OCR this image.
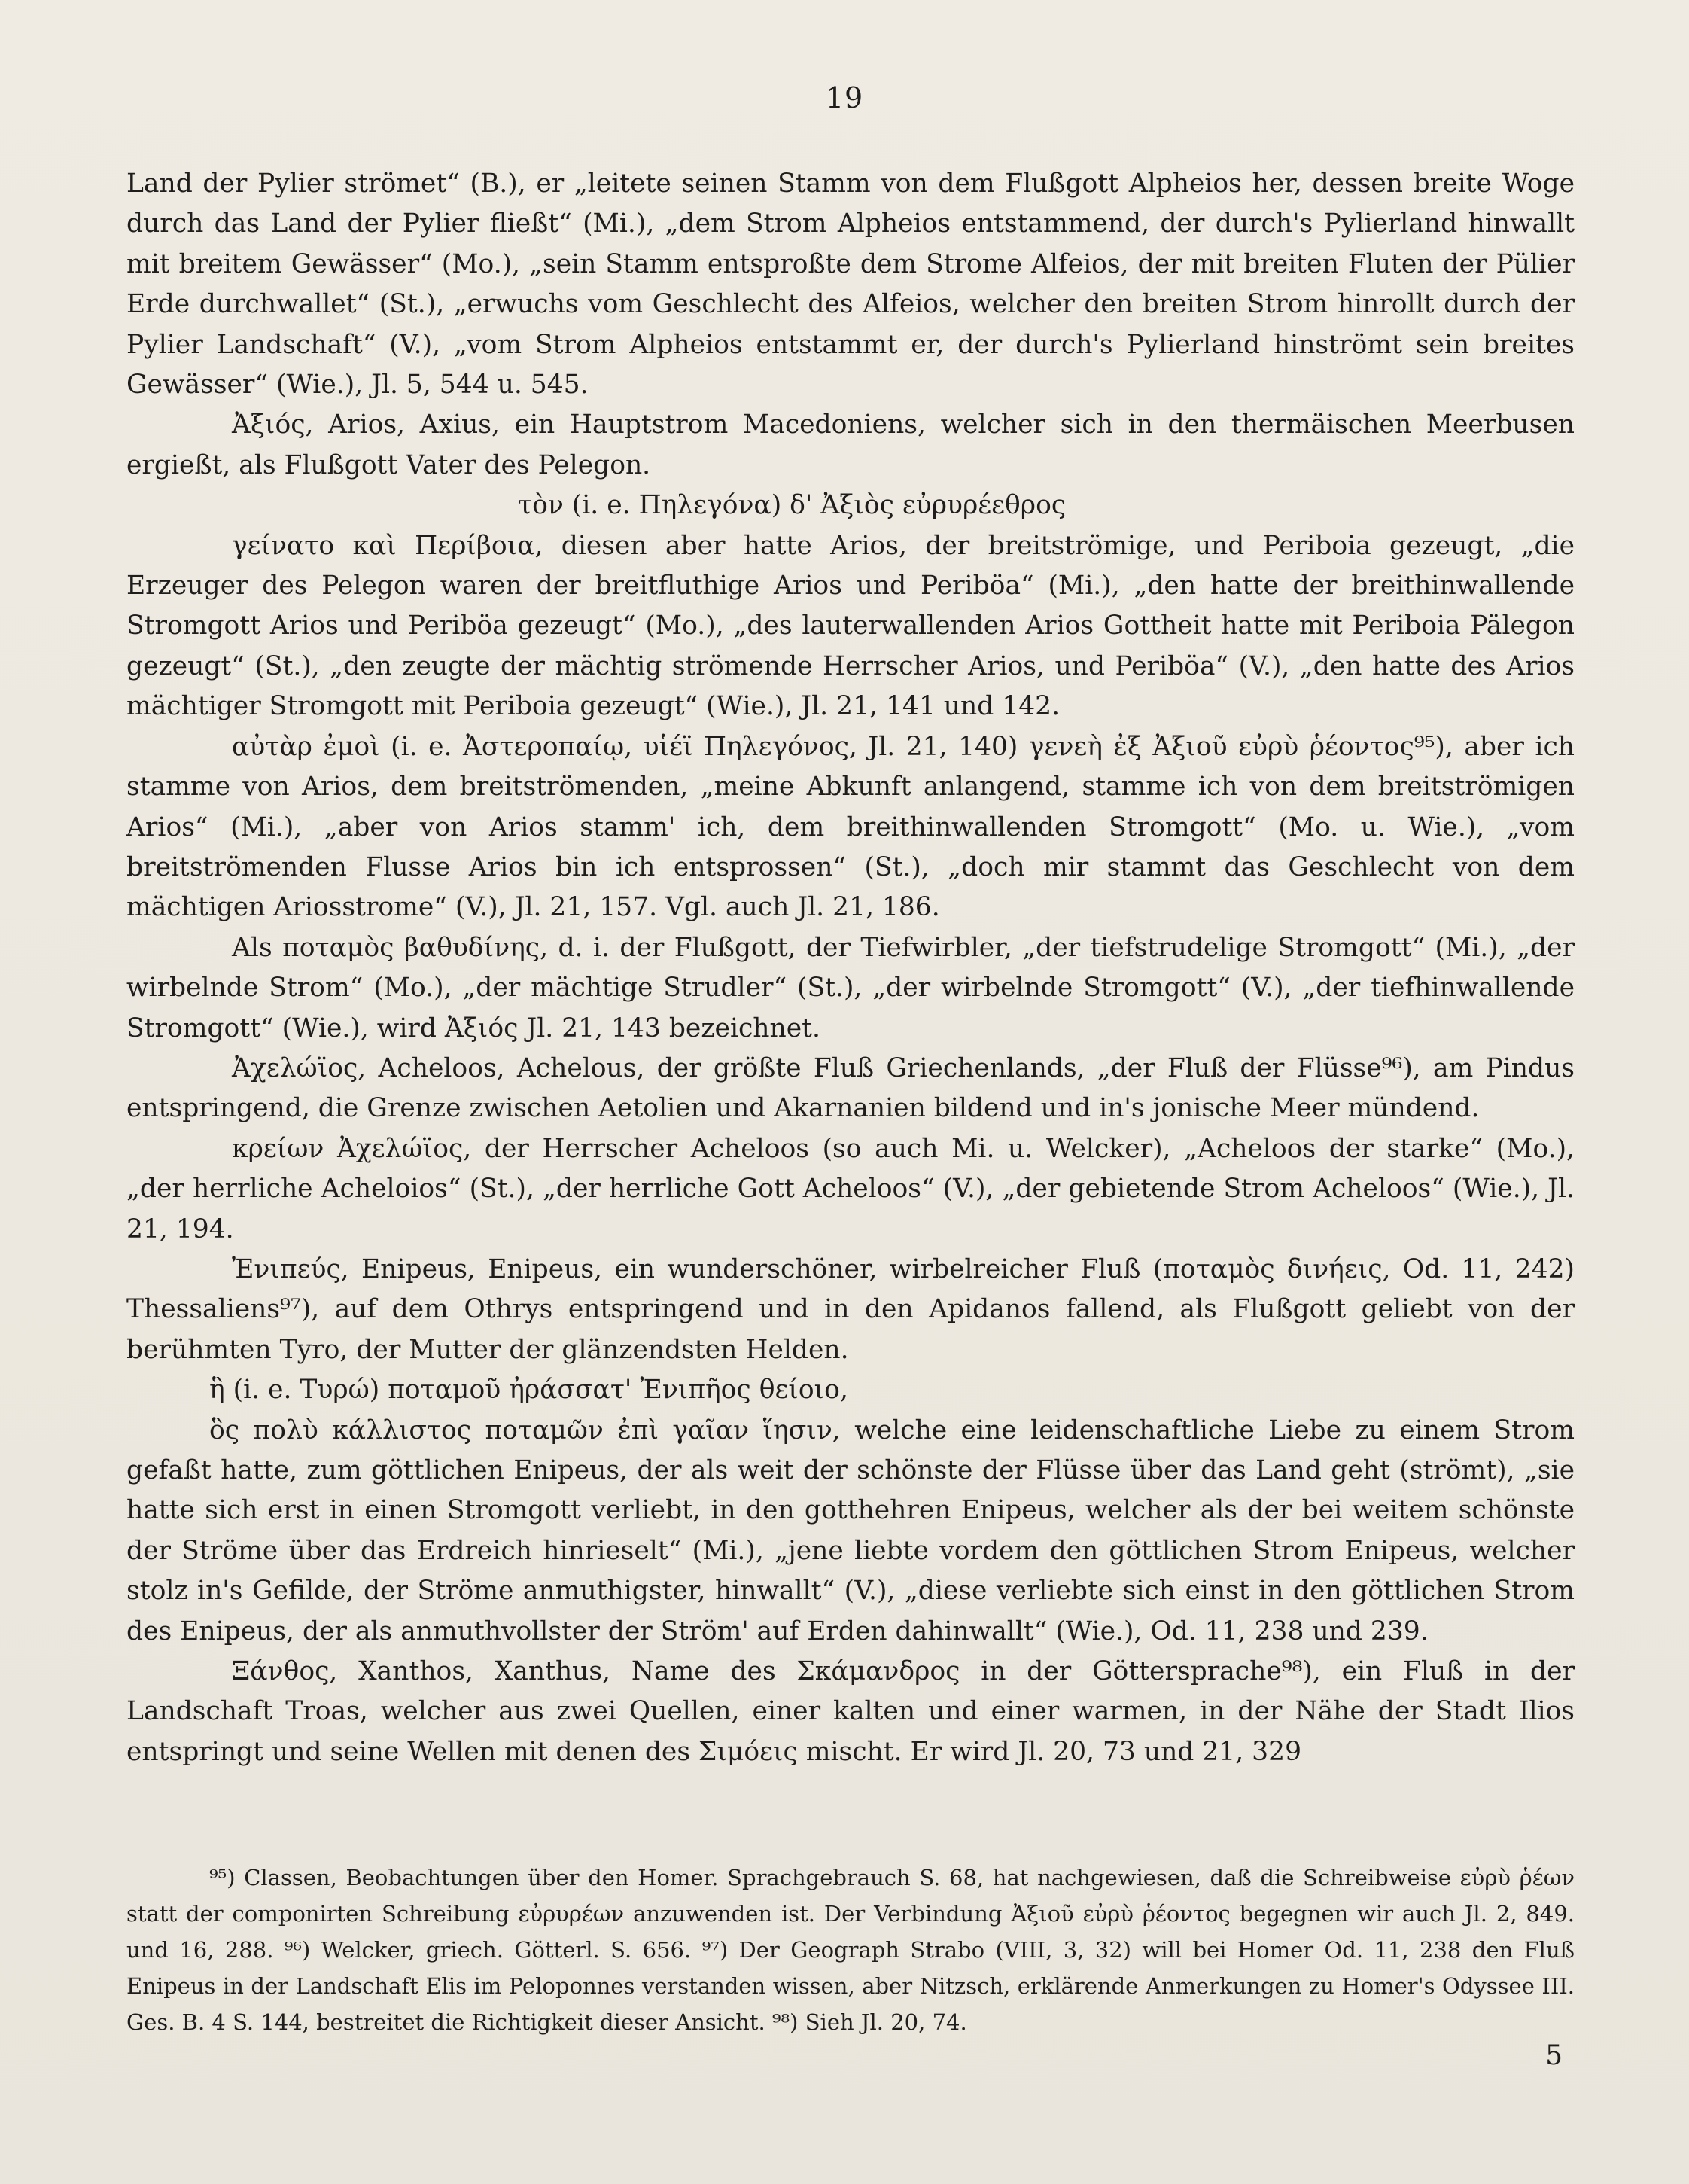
19

Land der Pylier strömet“ (B.), er „leitete seinen Stamm von dem Flußgott Alpheios her, dessen breite Woge durch das Land der Pylier fließt“ (Mi.), „dem Strom Alpheios entstammend, der durch's Pylierland hinwallt mit breitem Gewässer“ (Mo.), „sein Stamm entsproßte dem Strome Alfeios, der mit breiten Fluten der Pülier Erde durchwallet“ (St.), „erwuchs vom Geschlecht des Alfeios, welcher den breiten Strom hinrollt durch der Pylier Landschaft“ (V.), „vom Strom Alpheios entstammt er, der durch's Pylierland hinströmt sein breites Gewässer“ (Wie.), Jl. 5, 544 u. 545.

Ἀξιός, Arios, Axius, ein Hauptstrom Macedoniens, welcher sich in den thermäischen Meerbusen ergießt, als Flußgott Vater des Pelegon.

τὸν (i. e. Πηλεγόνα) δ' Ἀξιὸς εὐρυρέεθρος

γείνατο καὶ Περίβοια, diesen aber hatte Arios, der breitströmige, und Periboia gezeugt, „die Erzeuger des Pelegon waren der breitfluthige Arios und Periböa“ (Mi.), „den hatte der breithinwallende Stromgott Arios und Periböa gezeugt“ (Mo.), „des lauterwallenden Arios Gottheit hatte mit Periboia Pälegon gezeugt“ (St.), „den zeugte der mächtig strömende Herrscher Arios, und Periböa“ (V.), „den hatte des Arios mächtiger Stromgott mit Periboia gezeugt“ (Wie.), Jl. 21, 141 und 142.

αὐτὰρ ἐμοὶ (i. e. Ἀστεροπαίῳ, υἱέϊ Πηλεγόνος, Jl. 21, 140) γενεὴ ἐξ Ἀξιοῦ εὐρὺ ῥέοντος⁹⁵), aber ich stamme von Arios, dem breitströmenden, „meine Abkunft anlangend, stamme ich von dem breitströmigen Arios“ (Mi.), „aber von Arios stamm' ich, dem breithinwallenden Stromgott“ (Mo. u. Wie.), „vom breitströmenden Flusse Arios bin ich entsprossen“ (St.), „doch mir stammt das Geschlecht von dem mächtigen Ariosstrome“ (V.), Jl. 21, 157. Vgl. auch Jl. 21, 186.

Als ποταμὸς βαθυδίνης, d. i. der Flußgott, der Tiefwirbler, „der tiefstrudelige Stromgott“ (Mi.), „der wirbelnde Strom“ (Mo.), „der mächtige Strudler“ (St.), „der wirbelnde Stromgott“ (V.), „der tiefhinwallende Stromgott“ (Wie.), wird Ἀξιός Jl. 21, 143 bezeichnet.

Ἀχελώϊος, Acheloos, Achelous, der größte Fluß Griechenlands, „der Fluß der Flüsse⁹⁶), am Pindus entspringend, die Grenze zwischen Aetolien und Akarnanien bildend und in's jonische Meer mündend.

κρείων Ἀχελώϊος, der Herrscher Acheloos (so auch Mi. u. Welcker), „Acheloos der starke“ (Mo.), „der herrliche Acheloios“ (St.), „der herrliche Gott Acheloos“ (V.), „der gebietende Strom Acheloos“ (Wie.), Jl. 21, 194.

Ἐνιπεύς, Enipeus, Enipeus, ein wunderschöner, wirbelreicher Fluß (ποταμὸς δινήεις, Od. 11, 242) Thessaliens⁹⁷), auf dem Othrys entspringend und in den Apidanos fallend, als Flußgott geliebt von der berühmten Tyro, der Mutter der glänzendsten Helden.

ἣ (i. e. Τυρώ) ποταμοῦ ἠράσσατ' Ἐνιπῆος θείοιο,

ὃς πολὺ κάλλιστος ποταμῶν ἐπὶ γαῖαν ἵησιν, welche eine leidenschaftliche Liebe zu einem Strom gefaßt hatte, zum göttlichen Enipeus, der als weit der schönste der Flüsse über das Land geht (strömt), „sie hatte sich erst in einen Stromgott verliebt, in den gotthehren Enipeus, welcher als der bei weitem schönste der Ströme über das Erdreich hinrieselt“ (Mi.), „jene liebte vordem den göttlichen Strom Enipeus, welcher stolz in's Gefilde, der Ströme anmuthigster, hinwallt“ (V.), „diese verliebte sich einst in den göttlichen Strom des Enipeus, der als anmuthvollster der Ström' auf Erden dahinwallt“ (Wie.), Od. 11, 238 und 239.

Ξάνθος, Xanthos, Xanthus, Name des Σκάμανδρος in der Göttersprache⁹⁸), ein Fluß in der Landschaft Troas, welcher aus zwei Quellen, einer kalten und einer warmen, in der Nähe der Stadt Ilios entspringt und seine Wellen mit denen des Σιμόεις mischt. Er wird Jl. 20, 73 und 21, 329

⁹⁵) Classen, Beobachtungen über den Homer. Sprachgebrauch S. 68, hat nachgewiesen, daß die Schreibweise εὐρὺ ῥέων statt der componirten Schreibung εὐρυρέων anzuwenden ist. Der Verbindung Ἀξιοῦ εὐρὺ ῥέοντος begegnen wir auch Jl. 2, 849. und 16, 288. ⁹⁶) Welcker, griech. Götterl. S. 656. ⁹⁷) Der Geograph Strabo (VIII, 3, 32) will bei Homer Od. 11, 238 den Fluß Enipeus in der Landschaft Elis im Peloponnes verstanden wissen, aber Nitzsch, erklärende Anmerkungen zu Homer's Odyssee III. Ges. B. 4 S. 144, bestreitet die Richtigkeit dieser Ansicht. ⁹⁸) Sieh Jl. 20, 74.

5
